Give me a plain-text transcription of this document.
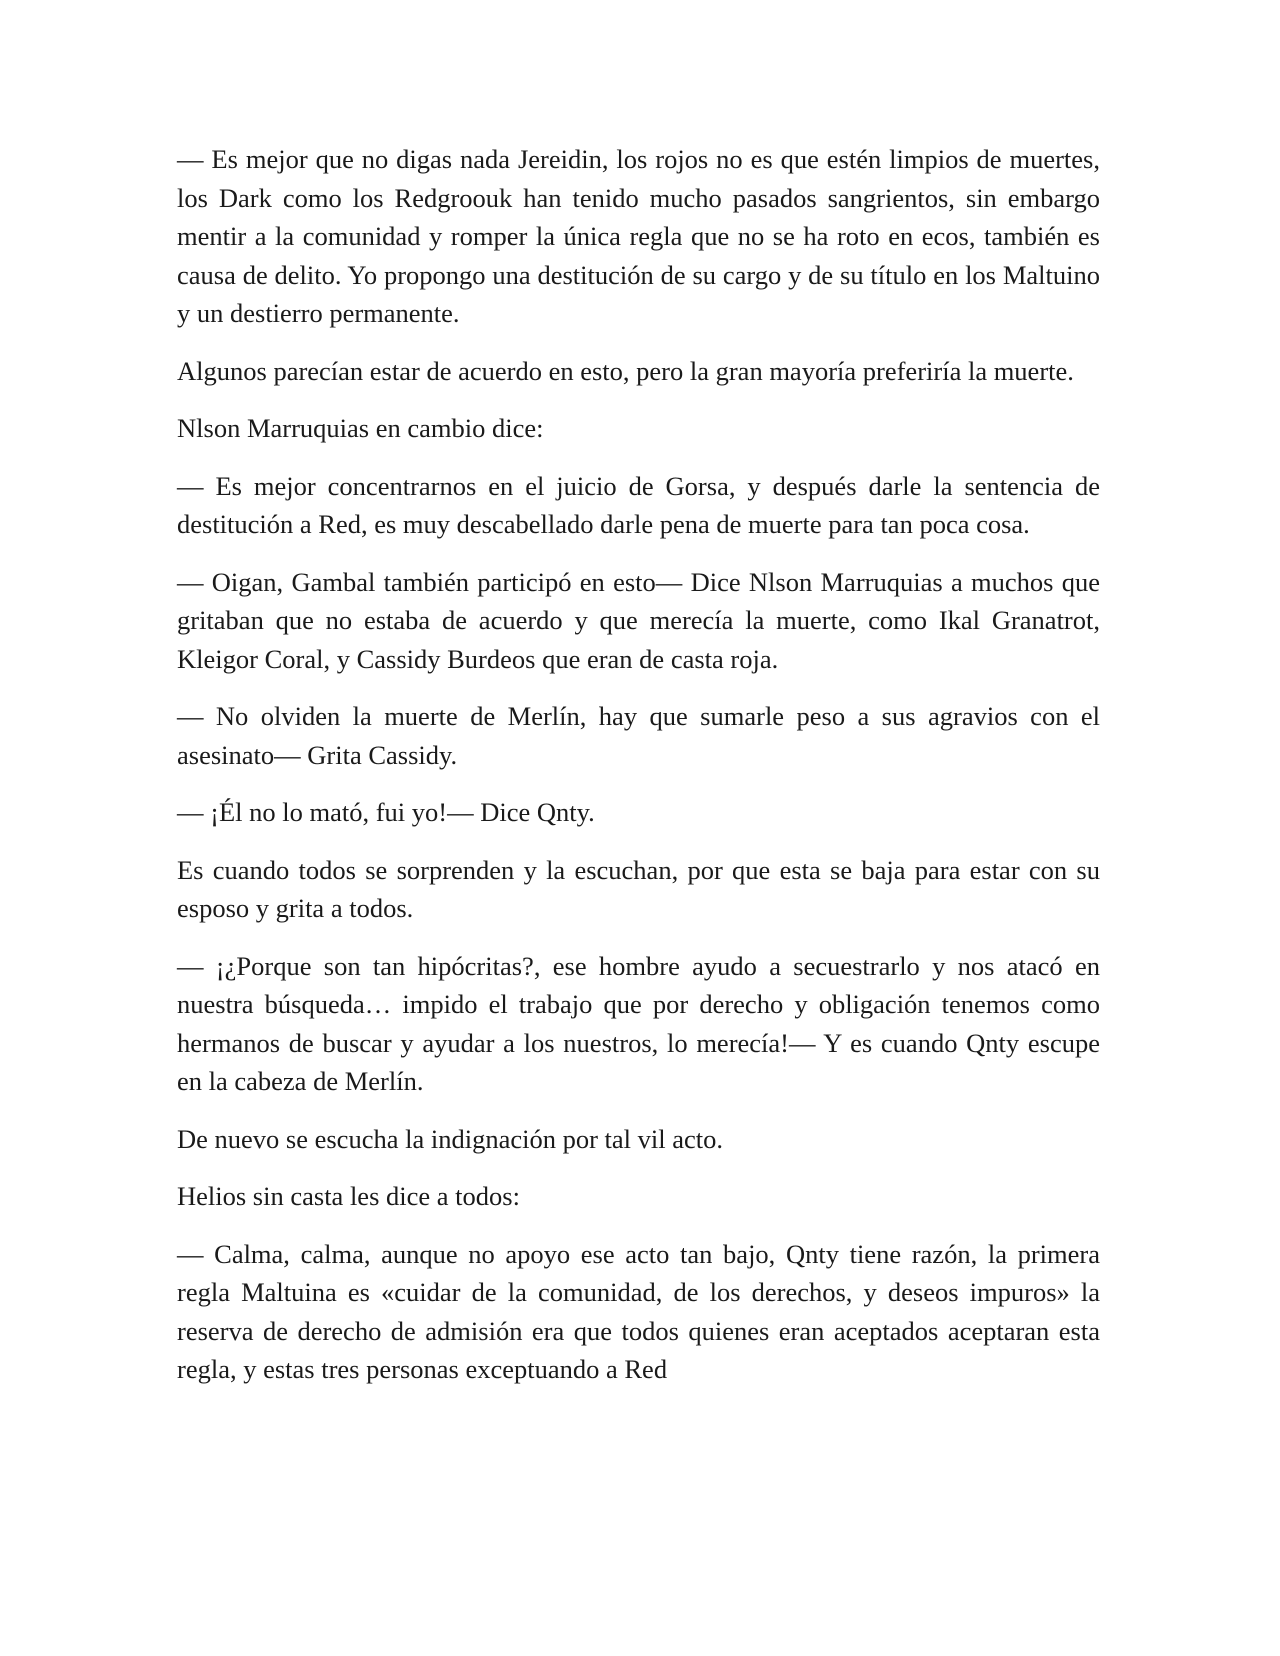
— Es mejor que no digas nada Jereidin, los rojos no es que estén limpios de muertes, los Dark como los Redgroouk han tenido mucho pasados sangrientos, sin embargo mentir a la comunidad y romper la única regla que no se ha roto en ecos, también es causa de delito. Yo propongo una destitución de su cargo y de su título en los Maltuino y un destierro permanente.

Algunos parecían estar de acuerdo en esto, pero la gran mayoría preferiría la muerte.

Nlson Marruquias en cambio dice:

— Es mejor concentrarnos en el juicio de Gorsa, y después darle la sentencia de destitución a Red, es muy descabellado darle pena de muerte para tan poca cosa.

— Oigan, Gambal también participó en esto— Dice Nlson Marruquias a muchos que gritaban que no estaba de acuerdo y que merecía la muerte, como Ikal Granatrot, Kleigor Coral, y Cassidy Burdeos que eran de casta roja.

— No olviden la muerte de Merlín, hay que sumarle peso a sus agravios con el asesinato— Grita Cassidy.

— ¡Él no lo mató, fui yo!— Dice Qnty.

Es cuando todos se sorprenden y la escuchan, por que esta se baja para estar con su esposo y grita a todos.

— ¡¿Porque son tan hipócritas?, ese hombre ayudo a secuestrarlo y nos atacó en nuestra búsqueda… impido el trabajo que por derecho y obligación tenemos como hermanos de buscar y ayudar a los nuestros, lo merecía!— Y es cuando Qnty escupe en la cabeza de Merlín.

De nuevo se escucha la indignación por tal vil acto.

Helios sin casta les dice a todos:

— Calma, calma, aunque no apoyo ese acto tan bajo, Qnty tiene razón, la primera regla Maltuina es «cuidar de la comunidad, de los derechos, y deseos impuros» la reserva de derecho de admisión era que todos quienes eran aceptados aceptaran esta regla, y estas tres personas exceptuando a Red
